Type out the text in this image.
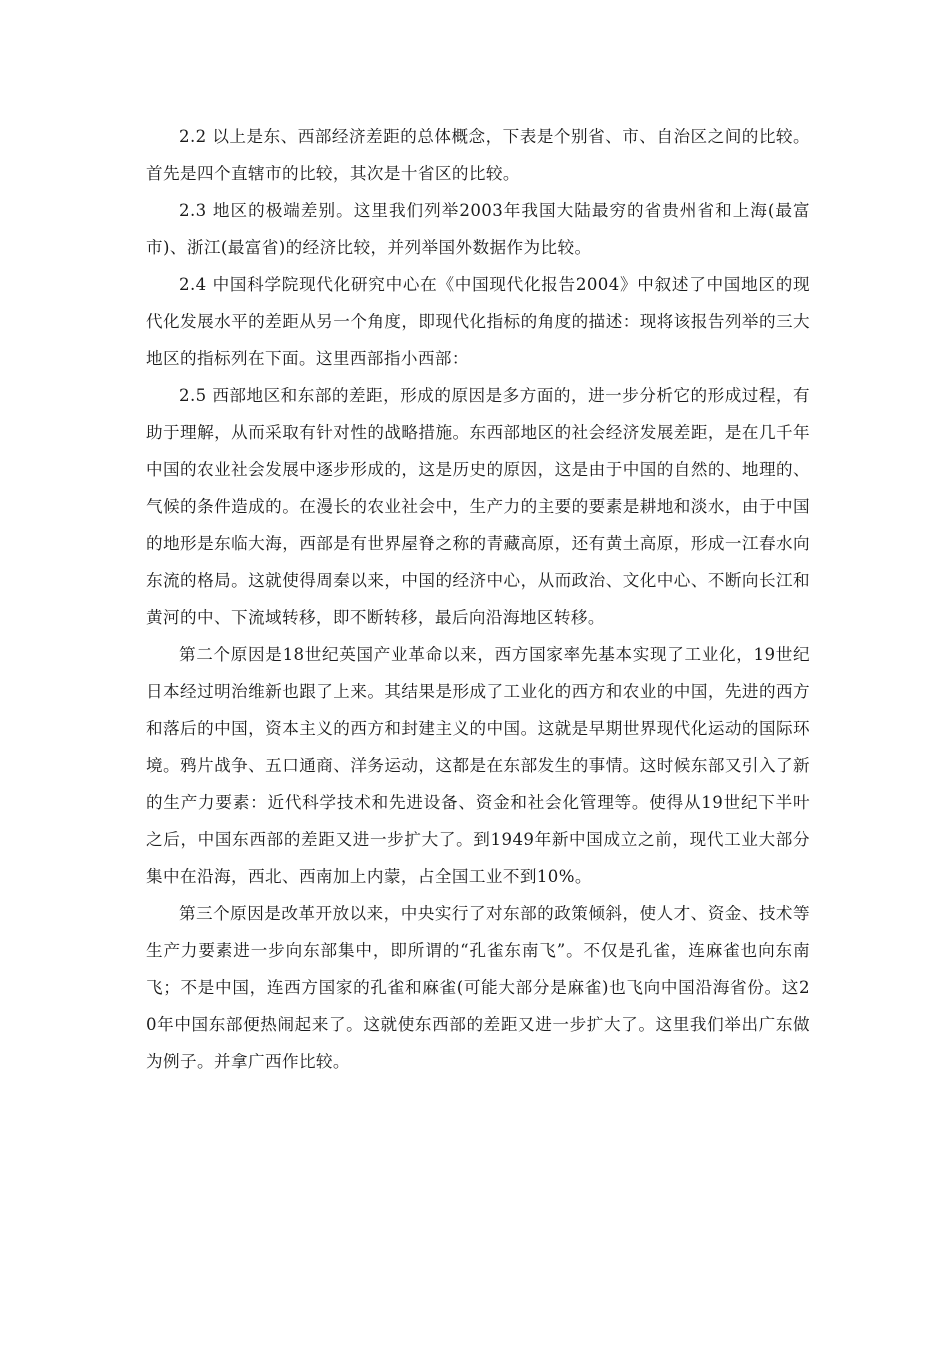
2.2 以上是东、西部经济差距的总体概念，下表是个别省、市、自治区之间的比较。首先是四个直辖市的比较，其次是十省区的比较。

2.3 地区的极端差别。这里我们列举2003年我国大陆最穷的省贵州省和上海(最富市)、浙江(最富省)的经济比较，并列举国外数据作为比较。

2.4 中国科学院现代化研究中心在《中国现代化报告2004》中叙述了中国地区的现代化发展水平的差距从另一个角度，即现代化指标的角度的描述：现将该报告列举的三大地区的指标列在下面。这里西部指小西部：

2.5 西部地区和东部的差距，形成的原因是多方面的，进一步分析它的形成过程，有助于理解，从而采取有针对性的战略措施。东西部地区的社会经济发展差距，是在几千年中国的农业社会发展中逐步形成的，这是历史的原因，这是由于中国的自然的、地理的、气候的条件造成的。在漫长的农业社会中，生产力的主要的要素是耕地和淡水，由于中国的地形是东临大海，西部是有世界屋脊之称的青藏高原，还有黄土高原，形成一江春水向东流的格局。这就使得周秦以来，中国的经济中心，从而政治、文化中心、不断向长江和黄河的中、下流域转移，即不断转移，最后向沿海地区转移。

第二个原因是18世纪英国产业革命以来，西方国家率先基本实现了工业化，19世纪日本经过明治维新也跟了上来。其结果是形成了工业化的西方和农业的中国，先进的西方和落后的中国，资本主义的西方和封建主义的中国。这就是早期世界现代化运动的国际环境。鸦片战争、五口通商、洋务运动，这都是在东部发生的事情。这时候东部又引入了新的生产力要素：近代科学技术和先进设备、资金和社会化管理等。使得从19世纪下半叶之后，中国东西部的差距又进一步扩大了。到1949年新中国成立之前，现代工业大部分集中在沿海，西北、西南加上内蒙，占全国工业不到10%。

第三个原因是改革开放以来，中央实行了对东部的政策倾斜，使人才、资金、技术等生产力要素进一步向东部集中，即所谓的“孔雀东南飞”。不仅是孔雀，连麻雀也向东南飞；不是中国，连西方国家的孔雀和麻雀(可能大部分是麻雀)也飞向中国沿海省份。这20年中国东部便热闹起来了。这就使东西部的差距又进一步扩大了。这里我们举出广东做为例子。并拿广西作比较。
